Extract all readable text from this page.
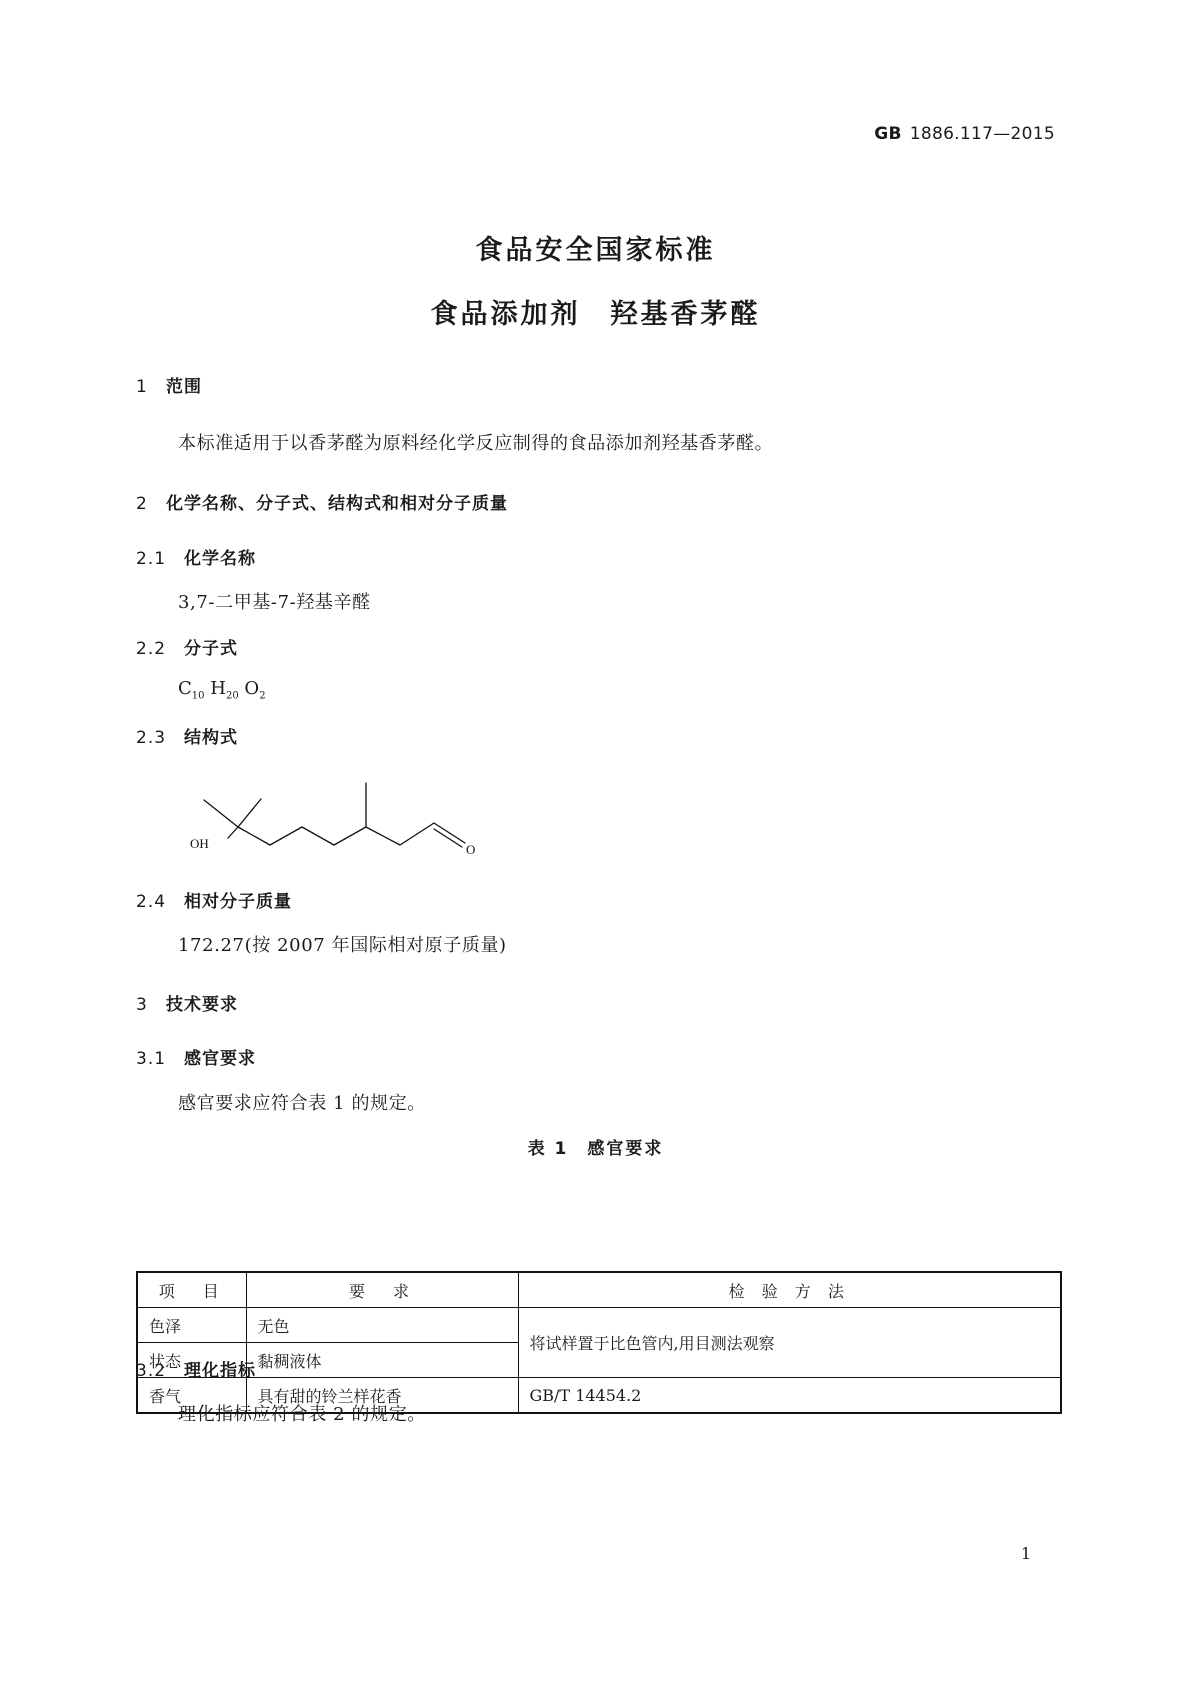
GB 1886.117—2015
食品安全国家标准
食品添加剂　羟基香茅醛
1 范围
本标准适用于以香茅醛为原料经化学反应制得的食品添加剂羟基香茅醛。
2 化学名称、分子式、结构式和相对分子质量
2.1 化学名称
3,7-二甲基-7-羟基辛醛
2.2 分子式
$C_{10}$ $H_{20}$ $O_2$
2.3 结构式
OH	O
2.4 相对分子质量
172.27(按 2007 年国际相对原子质量)
3 技术要求
3.1 感官要求
感官要求应符合表 1 的规定。
表 1　感官要求
项　目	要　求	检 验 方 法
色泽	无色	将试样置于比色管内,用目测法观察
状态	黏稠液体	
香气	具有甜的铃兰样花香	GB/T 14454.2
3.2 理化指标
理化指标应符合表 2 的规定。
1
